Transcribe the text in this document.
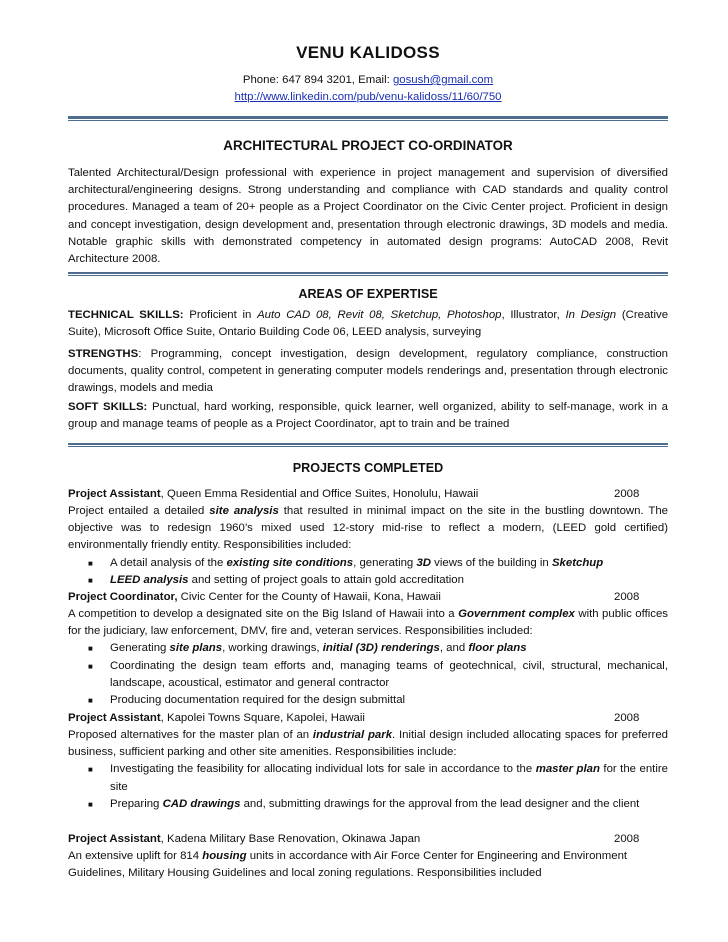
VENU KALIDOSS
Phone: 647 894 3201, Email: gosush@gmail.com
http://www.linkedin.com/pub/venu-kalidoss/11/60/750
ARCHITECTURAL PROJECT CO-ORDINATOR
Talented Architectural/Design professional with experience in project management and supervision of diversified architectural/engineering designs. Strong understanding and compliance with CAD standards and quality control procedures. Managed a team of 20+ people as a Project Coordinator on the Civic Center project. Proficient in design and concept investigation, design development and, presentation through electronic drawings, 3D models and media. Notable graphic skills with demonstrated competency in automated design programs: AutoCAD 2008, Revit Architecture 2008.
AREAS OF EXPERTISE
TECHNICAL SKILLS: Proficient in Auto CAD 08, Revit 08, Sketchup, Photoshop, Illustrator, In Design (Creative Suite), Microsoft Office Suite, Ontario Building Code 06, LEED analysis, surveying
STRENGTHS: Programming, concept investigation, design development, regulatory compliance, construction documents, quality control, competent in generating computer models renderings and, presentation through electronic drawings, models and media
SOFT SKILLS: Punctual, hard working, responsible, quick learner, well organized, ability to self-manage, work in a group and manage teams of people as a Project Coordinator, apt to train and be trained
PROJECTS COMPLETED
Project Assistant, Queen Emma Residential and Office Suites, Honolulu, Hawaii	2008
Project entailed a detailed site analysis that resulted in minimal impact on the site in the bustling downtown. The objective was to redesign 1960’s mixed used 12-story mid-rise to reflect a modern, (LEED gold certified) environmentally friendly entity. Responsibilities included:
■ A detail analysis of the existing site conditions, generating 3D views of the building in Sketchup
■ LEED analysis and setting of project goals to attain gold accreditation
Project Coordinator, Civic Center for the County of Hawaii, Kona, Hawaii	2008
A competition to develop a designated site on the Big Island of Hawaii into a Government complex with public offices for the judiciary, law enforcement, DMV, fire and, veteran services. Responsibilities included:
■ Generating site plans, working drawings, initial (3D) renderings, and floor plans
■ Coordinating the design team efforts and, managing teams of geotechnical, civil, structural, mechanical, landscape, acoustical, estimator and general contractor
■ Producing documentation required for the design submittal
Project Assistant, Kapolei Towns Square, Kapolei, Hawaii	2008
Proposed alternatives for the master plan of an industrial park. Initial design included allocating spaces for preferred business, sufficient parking and other site amenities. Responsibilities include:
■ Investigating the feasibility for allocating individual lots for sale in accordance to the master plan for the entire site
■ Preparing CAD drawings and, submitting drawings for the approval from the lead designer and the client
Project Assistant, Kadena Military Base Renovation, Okinawa Japan	2008
An extensive uplift for 814 housing units in accordance with Air Force Center for Engineering and Environment Guidelines, Military Housing Guidelines and local zoning regulations. Responsibilities included
